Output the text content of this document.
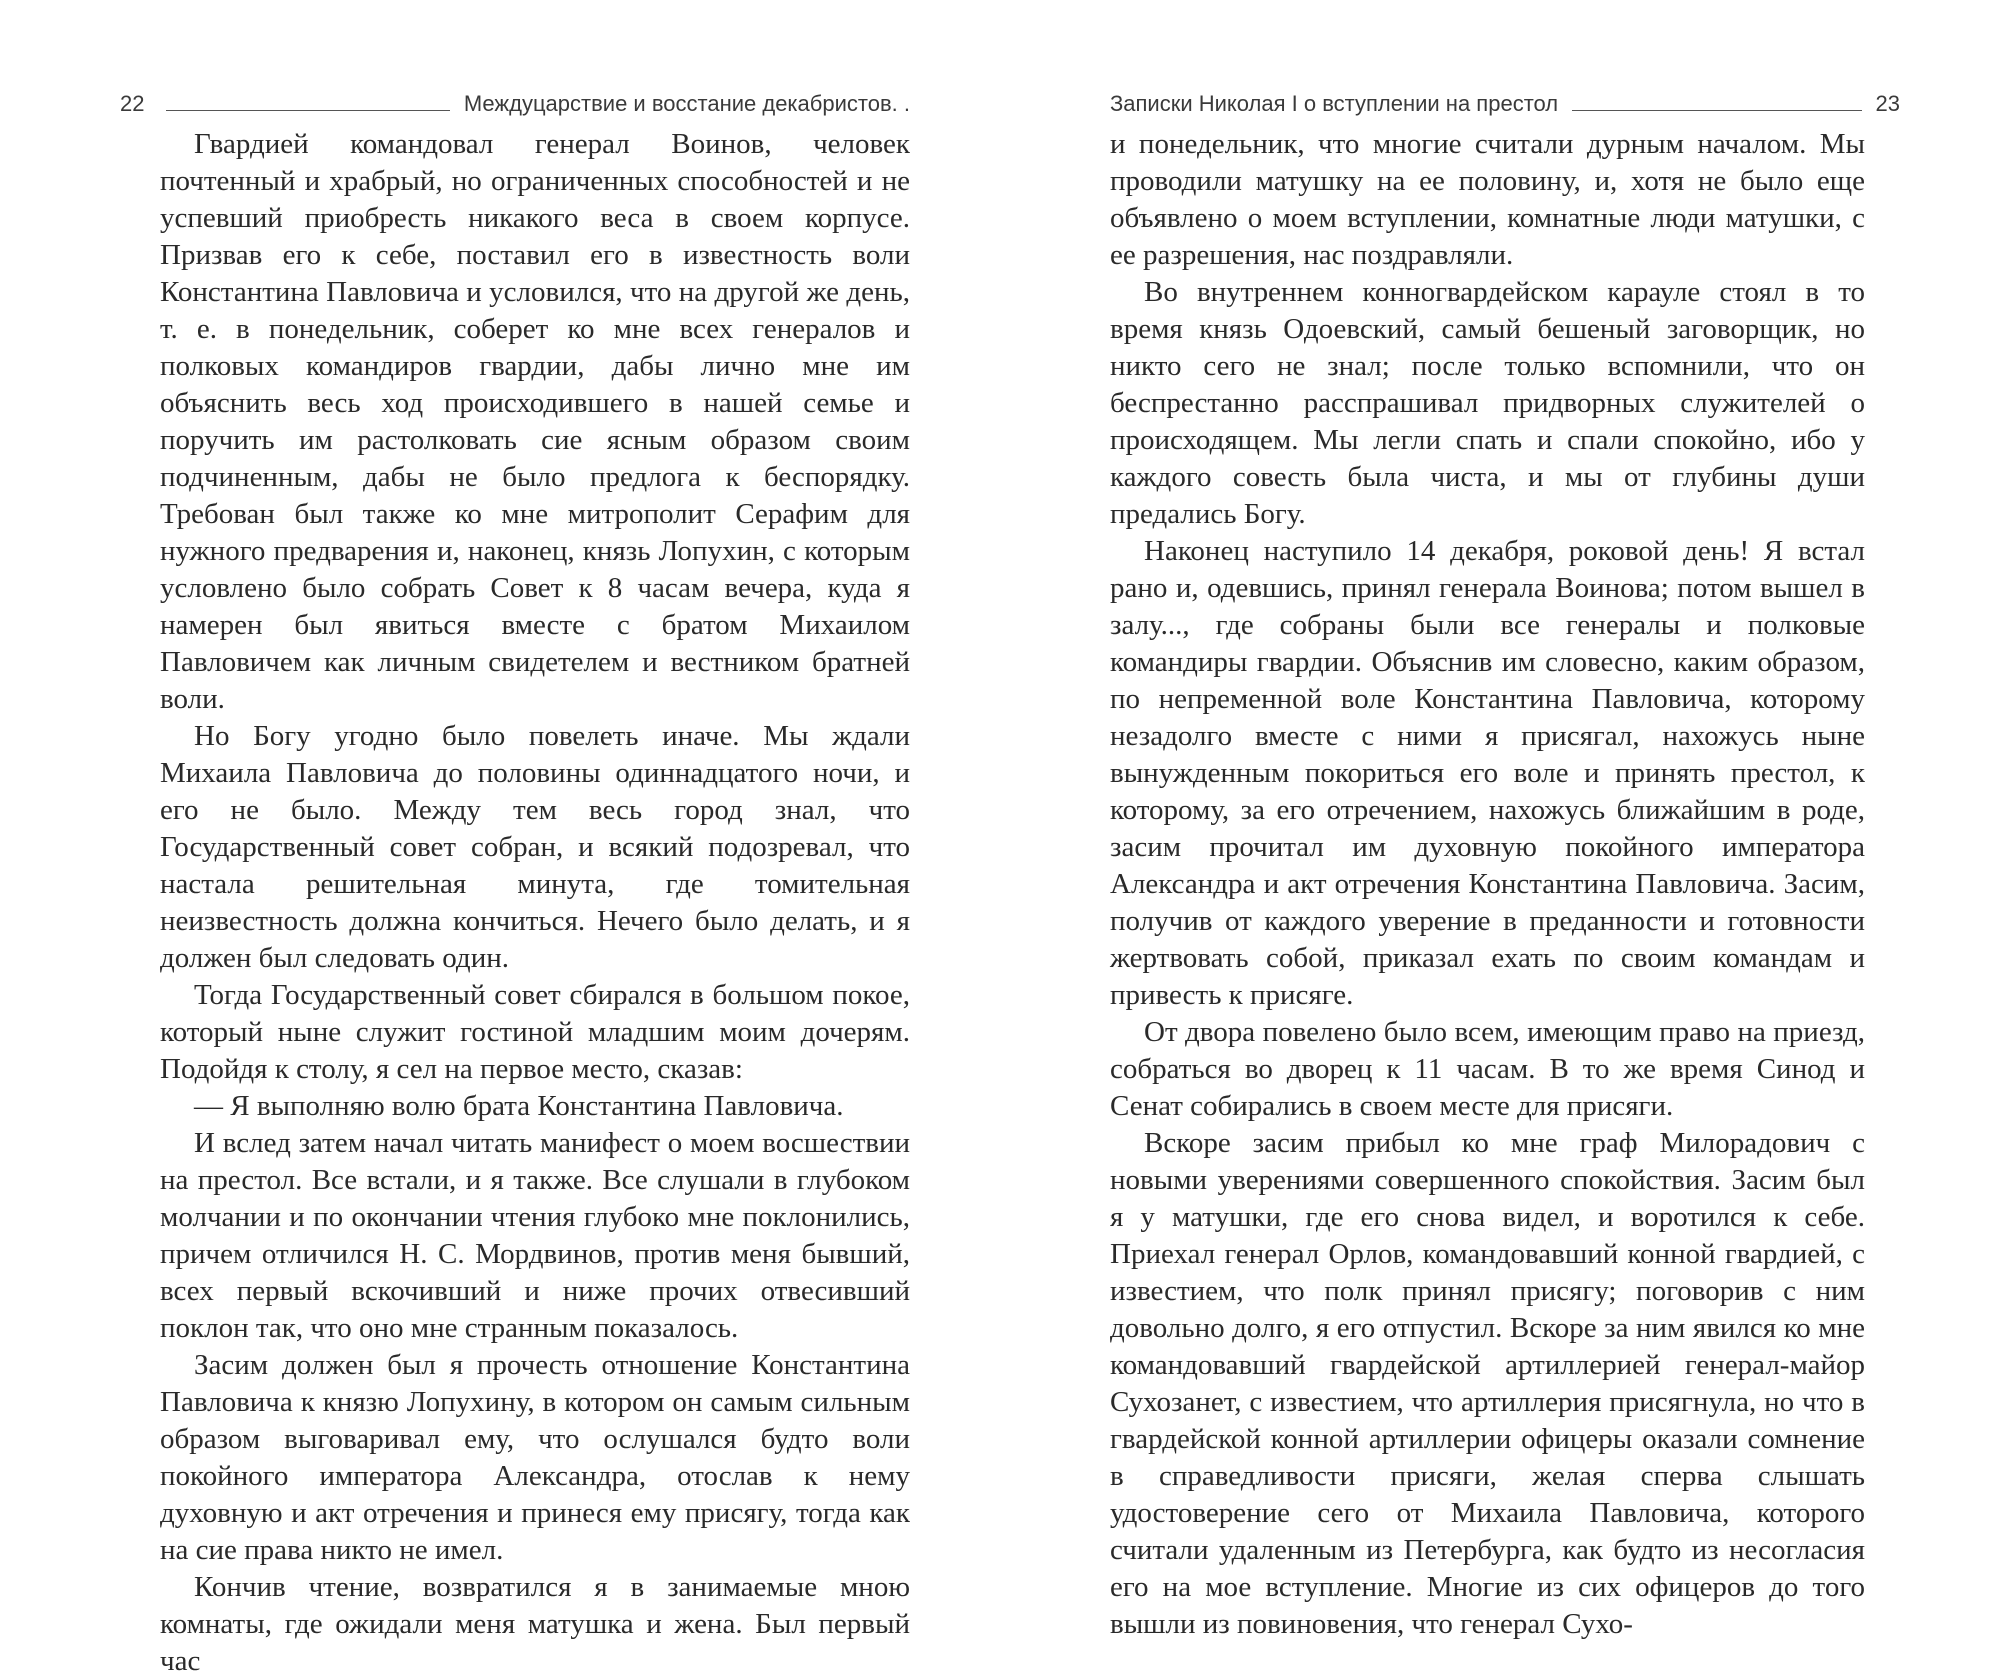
22	Междуцарствие и восстание декабристов. .

Гвардией командовал генерал Воинов, человек почтенный и храбрый, но ограниченных способностей и не успевший приобресть никакого веса в своем корпусе. Призвав его к себе, поставил его в известность воли Константина Павловича и условился, что на другой же день, т. е. в понедельник, соберет ко мне всех генералов и полковых командиров гвардии, дабы лично мне им объяснить весь ход происходившего в нашей семье и поручить им растолковать сие ясным образом своим подчиненным, дабы не было предлога к беспорядку. Требован был также ко мне митрополит Серафим для нужного предварения и, наконец, князь Лопухин, с которым условлено было собрать Совет к 8 часам вечера, куда я намерен был явиться вместе с братом Михаилом Павловичем как личным свидетелем и вестником братней воли.

Но Богу угодно было повелеть иначе. Мы ждали Михаила Павловича до половины одиннадцатого ночи, и его не было. Между тем весь город знал, что Государственный совет собран, и всякий подозревал, что настала решительная минута, где томительная неизвестность должна кончиться. Нечего было делать, и я должен был следовать один.

Тогда Государственный совет сбирался в большом покое, который ныне служит гостиной младшим моим дочерям. Подойдя к столу, я сел на первое место, сказав:

— Я выполняю волю брата Константина Павловича.

И вслед затем начал читать манифест о моем восшествии на престол. Все встали, и я также. Все слушали в глубоком молчании и по окончании чтения глубоко мне поклонились, причем отличился Н. С. Мордвинов, против меня бывший, всех первый вскочивший и ниже прочих отвесивший поклон так, что оно мне странным показалось.

Засим должен был я прочесть отношение Константина Павловича к князю Лопухину, в котором он самым сильным образом выговаривал ему, что ослушался будто воли покойного императора Александра, отослав к нему духовную и акт отречения и принеся ему присягу, тогда как на сие права никто не имел.

Кончив чтение, возвратился я в занимаемые мною комнаты, где ожидали меня матушка и жена. Был первый час

Записки Николая I о вступлении на престол	23

и понедельник, что многие считали дурным началом. Мы проводили матушку на ее половину, и, хотя не было еще объявлено о моем вступлении, комнатные люди матушки, с ее разрешения, нас поздравляли.

Во внутреннем конногвардейском карауле стоял в то время князь Одоевский, самый бешеный заговорщик, но никто сего не знал; после только вспомнили, что он беспрестанно расспрашивал придворных служителей о происходящем. Мы легли спать и спали спокойно, ибо у каждого совесть была чиста, и мы от глубины души предались Богу.

Наконец наступило 14 декабря, роковой день! Я встал рано и, одевшись, принял генерала Воинова; потом вышел в залу..., где собраны были все генералы и полковые командиры гвардии. Объяснив им словесно, каким образом, по непременной воле Константина Павловича, которому незадолго вместе с ними я присягал, нахожусь ныне вынужденным покориться его воле и принять престол, к которому, за его отречением, нахожусь ближайшим в роде, засим прочитал им духовную покойного императора Александра и акт отречения Константина Павловича. Засим, получив от каждого уверение в преданности и готовности жертвовать собой, приказал ехать по своим командам и привесть к присяге.

От двора повелено было всем, имеющим право на приезд, собраться во дворец к 11 часам. В то же время Синод и Сенат собирались в своем месте для присяги.

Вскоре засим прибыл ко мне граф Милорадович с новыми уверениями совершенного спокойствия. Засим был я у матушки, где его снова видел, и воротился к себе. Приехал генерал Орлов, командовавший конной гвардией, с известием, что полк принял присягу; поговорив с ним довольно долго, я его отпустил. Вскоре за ним явился ко мне командовавший гвардейской артиллерией генерал-майор Сухозанет, с известием, что артиллерия присягнула, но что в гвардейской конной артиллерии офицеры оказали сомнение в справедливости присяги, желая сперва слышать удостоверение сего от Михаила Павловича, которого считали удаленным из Петербурга, как будто из несогласия его на мое вступление. Многие из сих офицеров до того вышли из повиновения, что генерал Сухо-
